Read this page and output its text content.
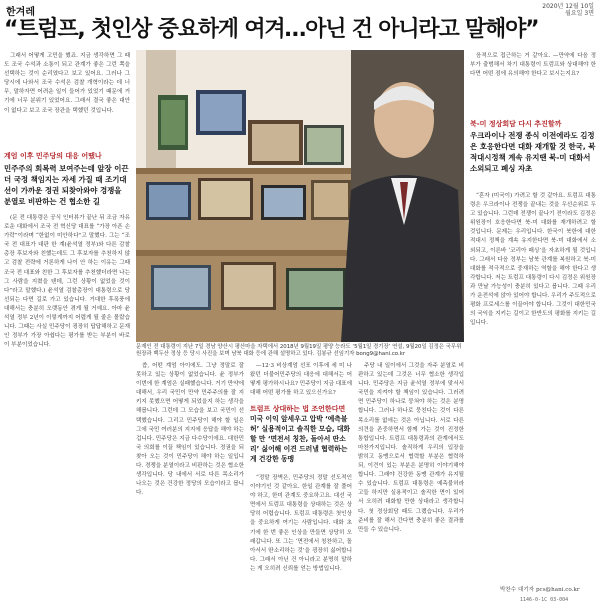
한겨레
2020년 12월 10일
월요일 3면
“트럼프, 첫인상 중요하게 여겨…아닌 건 아니라고 말해야”

그래서 어떻게 고민을 했죠. 지금 생각하면 그 때도 조국 수석과 소통이 되고 관계가 좋은 그런 쪽을 선택하는 것이 순리였다고 보고 있어요. 그러나 그 당시에 나와서 조국 수석은 검찰 개혁이라는 데 너무, 말하자면 어려운 일이 들어가 있었기 때문에 거기에 너무 분위기 있었어요. 그래서 결국 좋은 대안이 없다고 보고 조국 장관을 택했던 것입니다.

계엄 이후 민주당의 대응 어땠나
민주주의 회복력 보여주는데 앞장 이끈 더 국정 책임지는 자세 가질 때 조기대선이 가까운 정권 되찾아와야 경쟁을 분열로 비판하는 건 협소한 길

(문 전 대통령은 공식 인터뷰가 끝난 뒤 조금 자유로운 대화에서 조국 전 혁신당 대표를 “가장 아픈 손가락”이라며 “한없이 미안하다”고 말했다. 그는 “조국 전 대표가 대판 한 계(윤석열 정부)와 다른 감찰총장 후보자와 친했는데도 그 후보자를 추천하지 않고 검찰 전략에 거론하게 나이 안 하는 이유는 그때 조국 전 대표와 친한 그 후보자를 추천했더라면 나는 그 사람을 지켰을 텐데, 그런 상황이 없었을 것이다”라고 말했다.) 윤석열 검찰총장이 대통령으로 당선되는 다면 길로 가고 있습니다. 거대한 후폭풍에 대해서는 충분히 오랫동안 겪게 될 거예요. 아마 윤석열 정부 2년이 이렇게까지 어렵게 될 줄은 몰랐습니다. 그때는 사실 민주당이 굉장히 답답해하고 문재인 정부가 가장 아쉽다는 평가를 받는 부분이 바로 이 부분이었습니다.	문재인 전 대통령이 지난 7일 경남 양산시 평산마을 자택에서 2018년 9월19일 평양 능라도 ‘5월1일 경기장’ 연설, 9월20일 김정은 국무위원장과 백두산 정상 등 당시 사진을 보며 남북 대화 등에 관해 설명하고 있다. 김봉규 선임기자 bong9@hani.co.kr

씁, 어떤 계엄 아이에도. 그냥 정말로 잘 못하고 있는 상황이 없었습니다. 윤 정부가 이번에 한 계엄은 실패했습니다. 거기 만약에 대해서, 우리 국민이 만약 민주주의를 잘 지키지 못했으면 어떻게 되었을지 하는 생각을 해봅니다. 그런데 그 모습을 보고 국민이 선택했습니다. 그리고 민주당이 해야 할 일은 그에 국민 여러분의 지지에 응답을 해야 하는 겁니다. 민주당은 지금 다수당이에요. 대한민국 의회를 이끌 책임이 있습니다. 정권을 되찾아 오는 것이 민주당이 해야 하는 일입니다. 경쟁을 분열이라고 비판하는 것은 협소한 생각입니다. 당 내에서 서로 다른 목소리가 나오는 것은 건강한 정당의 모습이라고 봅니다.

—12·3 비상계엄 선포 이후에 세 미 나왔던 더불어민주당의 대응에 대해서는 어떻게 평가하시나요? 민주당이 지금 대표에 대해 어떤 평가를 하고 있으신가요?

트럼프 상대하는 법 조언한다면
미국 이익 앞세우고 압박 ‘예측불허’ 실용적이고 솔직한 모습, 대화할 만 ‘면전서 칭찬, 돌아서 딴소리’ 싫어해 이견 드러낼 협력하는 게 건강한 동맹

“정말 장벽은, 민주당의 정말 선도적인 이야기인 것 같아요. 한일 관계를 잘 풀어야 하고, 한미 관계도 중요하고요. 대선 국면에서 트럼프 대통령을 상대하는 것은 상당히 어렵습니다. 트럼프 대통령은 첫인상을 중요하게 여기는 사람입니다. 대화 초기에 한 번 좋은 인상을 만들면 상당히 오래갑니다. 또 그는 ‘면전에서 칭찬하고, 돌아서서 딴소리하는 것’을 굉장히 싫어합니다. 그래서 아닌 건 아니라고 분명히 말하는 게 오히려 신뢰를 얻는 방법입니다.

주당 내 일이에서 그것을 자주 분열로 비판하고 있는데 그것은 너무 협소한 생각입니다. 민주당은 지금 윤석열 정부에 맞서서 국민을 지켜야 할 책임이 있습니다. 그러려면 민주당이 하나로 뭉쳐야 하는 것은 분명합니다. 그러나 하나로 뭉친다는 것이 다른 목소리를 없애는 것은 아닙니다. 서로 다른 의견을 존중하면서 함께 가는 것이 진정한 통합입니다. 트럼프 대통령과의 관계에서도 마찬가지입니다. 솔직하게 우리의 입장을 밝히고 동맹으로서 협력할 부분은 협력하되, 이견이 있는 부분은 분명히 이야기해야 합니다. 그래야 건강한 동맹 관계가 유지될 수 있습니다. 트럼프 대통령은 예측불허라고들 하지만 실용적이고 솔직한 면이 있어서 오히려 대화할 만한 상대라고 생각합니다. 첫 정상회담 때도 그랬습니다. 우리가 준비를 잘 해서 간다면 충분히 좋은 결과를 만들 수 있습니다.

음적으로 접근하는 거 같아요. —만약에 다음 정부가 출범해서 차기 대통령이 트럼프와 상대해야 한다면 어떤 점에 유의해야 한다고 보시는지요?

북-미 정상회담 다시 추진할까
우크라이나 전쟁 종식 이전에라도 김정은 호응한다면 대화 재개할 것 한국, 북 적대시정책 계속 유지땐 북-미 대화서 소외되고 폐싱 자초

“혼자 (미국이) 가려고 할 것 같아요. 트럼프 대통령은 우크라이나 전쟁을 끝내는 것을 우선순위로 두고 있습니다. 그런데 전쟁이 끝나기 전이라도 김정은 위원장이 호응한다면 북-미 대화를 재개하려고 할 것입니다. 문제는 우리입니다. 한국이 북한에 대한 적대시 정책을 계속 유지한다면 북-미 대화에서 소외되고, 이른바 ‘코리아 패싱’을 자초하게 될 것입니다. 그래서 다음 정부는 남북 관계를 복원하고 북-미 대화를 적극적으로 중재하는 역할을 해야 한다고 생각합니다. 저는 트럼프 대통령이 다시 김정은 위원장과 만날 가능성이 충분히 있다고 봅니다. 그때 우리가 운전석에 앉아 있어야 합니다. 우리가 주도적으로 평화 프로세스를 이끌어야 합니다. 그것이 대한민국의 국익을 지키는 길이고 한반도의 평화를 지키는 길입니다.

박찬수 대기자 pcs@hani.co.kr
1146-0-1C 03-004
